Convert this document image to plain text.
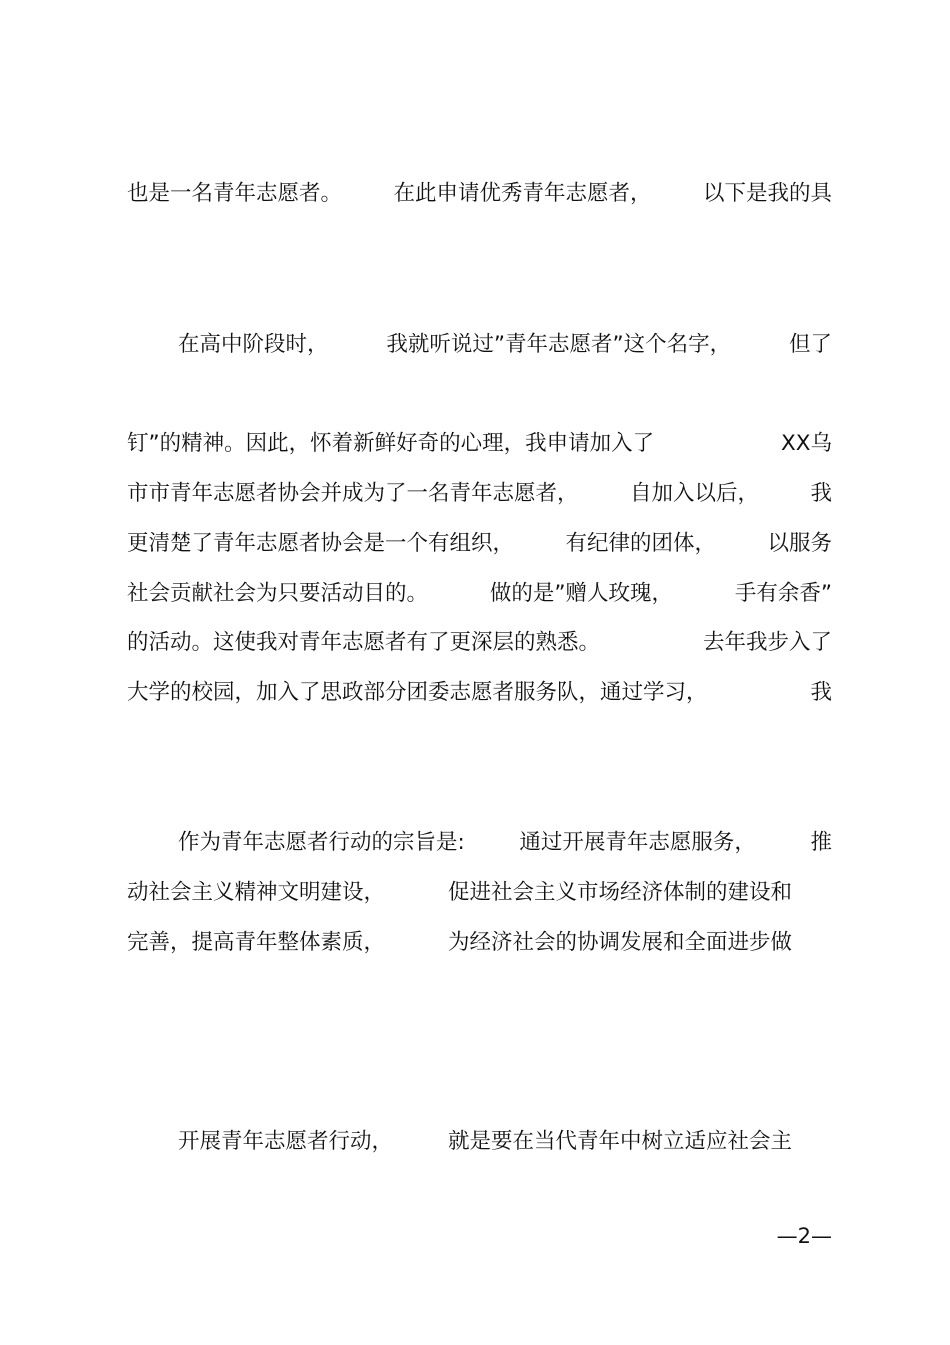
也是一名青年志愿者。 在此申请优秀青年志愿者， 以下是我的具

在高中阶段时，	我就听说过”青年志愿者”这个名字，	但了

钉”的精神。因此，怀着新鲜好奇的心理，我申请加入了	XX乌
市市青年志愿者协会并成为了一名青年志愿者， 自加入以后， 我
更清楚了青年志愿者协会是一个有组织， 有纪律的团体， 以服务
社会贡献社会为只要活动目的。	做的是”赠人玫瑰，	手有余香”
的活动。这使我对青年志愿者有了更深层的熟悉。	去年我步入了
大学的校园，加入了思政部分团委志愿者服务队，通过学习，	我

作为青年志愿者行动的宗旨是:	通过开展青年志愿服务，	推
动社会主义精神文明建设，	促进社会主义市场经济体制的建设和
完善，提高青年整体素质，	为经济社会的协调发展和全面进步做

开展青年志愿者行动，	就是要在当代青年中树立适应社会主
—2—
